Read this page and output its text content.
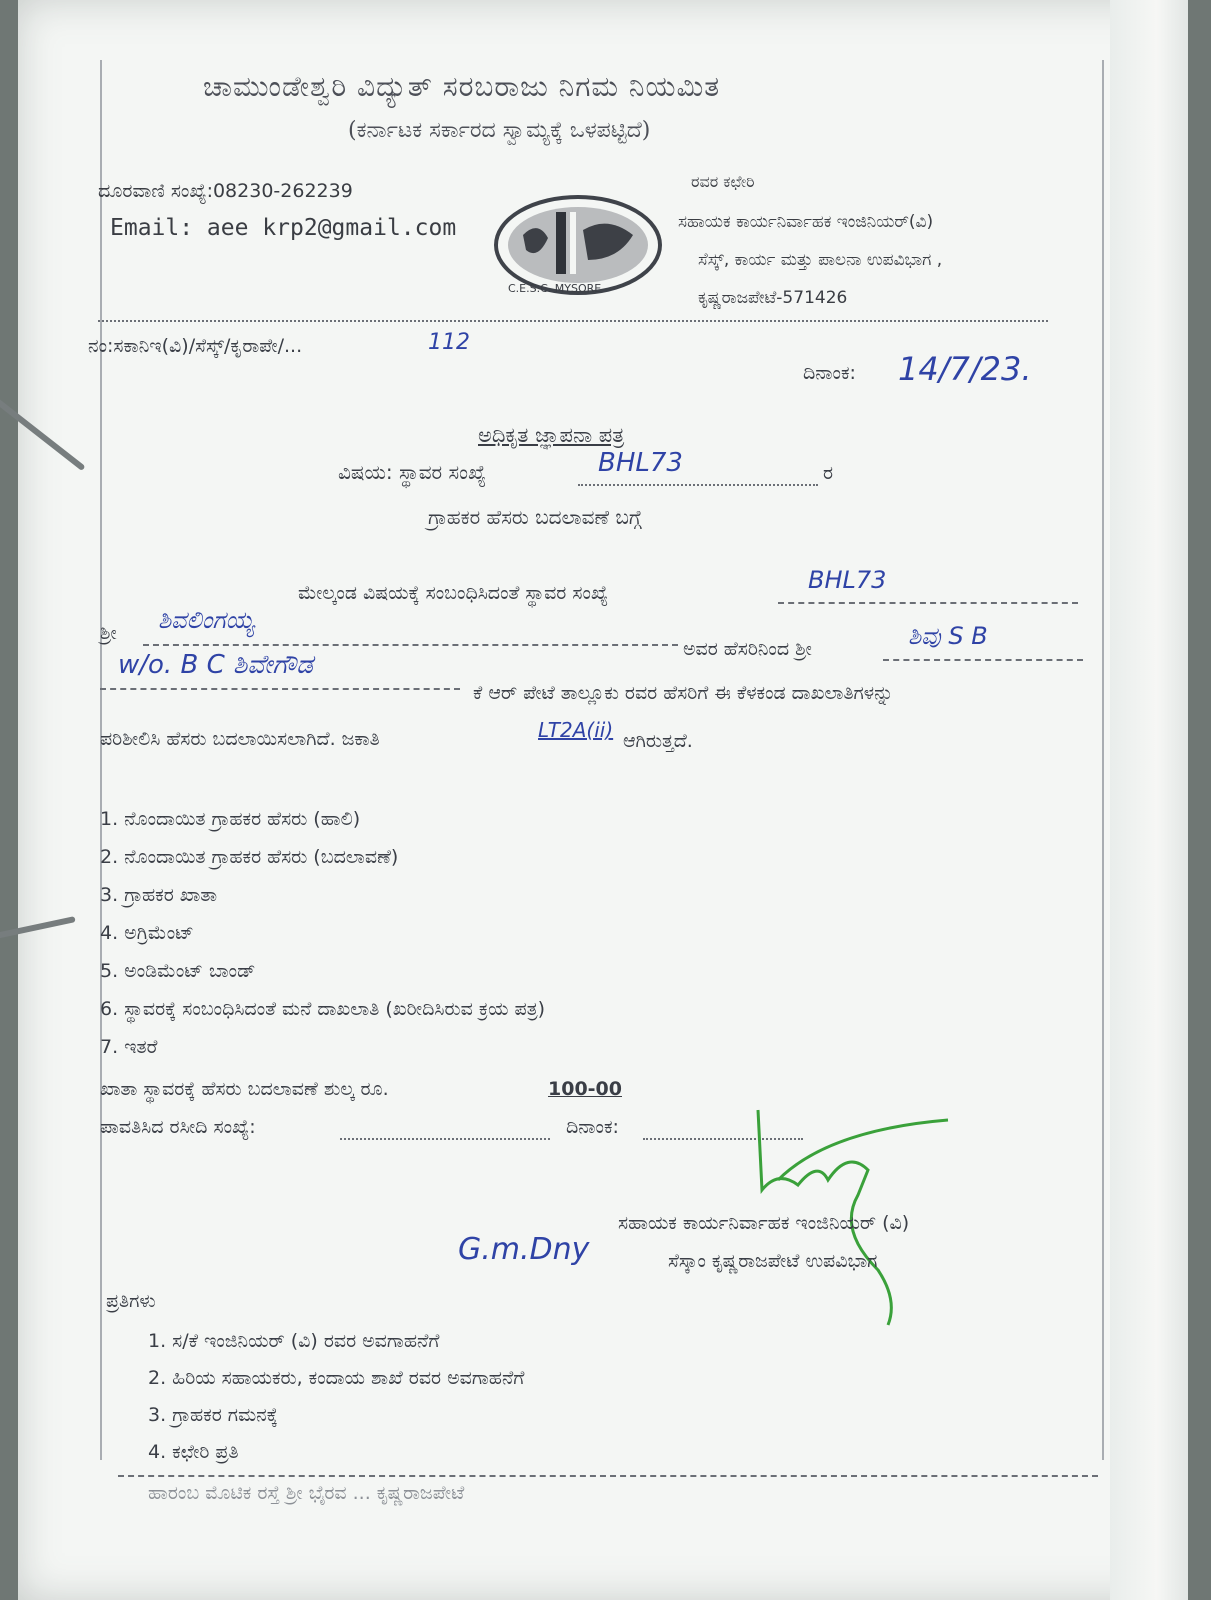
ಚಾಮುಂಡೇಶ್ವರಿ ವಿದ್ಯುತ್ ಸರಬರಾಜು ನಿಗಮ ನಿಯಮಿತ
(ಕರ್ನಾಟಕ ಸರ್ಕಾರದ ಸ್ವಾಮ್ಯಕ್ಕೆ ಒಳಪಟ್ಟಿದೆ)
ದೂರವಾಣಿ ಸಂಖ್ಯೆ:08230-262239
Email: aee krp2@gmail.com
C.E.S.C. MYSORE
ರವರ ಕಛೇರಿ
ಸಹಾಯಕ ಕಾರ್ಯನಿರ್ವಾಹಕ ಇಂಜಿನಿಯರ್(ವಿ)
ಸೆಸ್ಕ್, ಕಾರ್ಯ ಮತ್ತು ಪಾಲನಾ ಉಪವಿಭಾಗ ,
ಕೃಷ್ಣರಾಜಪೇಟೆ-571426
ನಂ:ಸಕಾನಿಇ(ವಿ)/ಸೆಸ್ಕ್/ಕೃರಾಪೇ/...	112
ದಿನಾಂಕ: 14/7/23.
ಅಧಿಕೃತ ಜ್ಞಾಪನಾ ಪತ್ರ
ವಿಷಯ: ಸ್ಥಾವರ ಸಂಖ್ಯೆ	BHL73	ರ
ಗ್ರಾಹಕರ ಹೆಸರು ಬದಲಾವಣೆ ಬಗ್ಗೆ
ಮೇಲ್ಕಂಡ ವಿಷಯಕ್ಕೆ ಸಂಬಂಧಿಸಿದಂತೆ ಸ್ಥಾವರ ಸಂಖ್ಯೆ	BHL73
ಶ್ರೀ ಶಿವಲಿಂಗಯ್ಯ
ಅವರ ಹೆಸರಿನಿಂದ ಶ್ರೀ	ಶಿವು S B
w/o. B C ಶಿವೇಗೌಡ
ಕೆ ಆರ್ ಪೇಟೆ ತಾಲ್ಲೂಕು ರವರ ಹೆಸರಿಗೆ ಈ ಕೆಳಕಂಡ ದಾಖಲಾತಿಗಳನ್ನು
ಪರಿಶೀಲಿಸಿ ಹೆಸರು ಬದಲಾಯಿಸಲಾಗಿದೆ. ಜಕಾತಿ	LT2A(ii) ಆಗಿರುತ್ತದೆ.
1. ನೊಂದಾಯಿತ ಗ್ರಾಹಕರ ಹೆಸರು (ಹಾಲಿ)
2. ನೊಂದಾಯಿತ ಗ್ರಾಹಕರ ಹೆಸರು (ಬದಲಾವಣೆ)
3. ಗ್ರಾಹಕರ ಖಾತಾ
4. ಅಗ್ರಿಮೆಂಟ್
5. ಅಂಡಿಮೆಂಟ್ ಬಾಂಡ್
6. ಸ್ಥಾವರಕ್ಕೆ ಸಂಬಂಧಿಸಿದಂತೆ ಮನೆ ದಾಖಲಾತಿ (ಖರೀದಿಸಿರುವ ಕ್ರಯ ಪತ್ರ)
7. ಇತರೆ
ಖಾತಾ ಸ್ಥಾವರಕ್ಕೆ ಹೆಸರು ಬದಲಾವಣೆ ಶುಲ್ಕ ರೂ.	100-00
ಪಾವತಿಸಿದ ರಸೀದಿ ಸಂಖ್ಯೆ:	ದಿನಾಂಕ:
ಸಹಾಯಕ ಕಾರ್ಯನಿರ್ವಾಹಕ ಇಂಜಿನಿಯರ್ (ವಿ)
ಸೆಸ್ಕಾಂ ಕೃಷ್ಣರಾಜಪೇಟೆ ಉಪವಿಭಾಗ
G.m.Dny
ಪ್ರತಿಗಳು
1. ಸ/ಕೆ ಇಂಜಿನಿಯರ್ (ವಿ) ರವರ ಅವಗಾಹನೆಗೆ
2. ಹಿರಿಯ ಸಹಾಯಕರು, ಕಂದಾಯ ಶಾಖೆ ರವರ ಅವಗಾಹನೆಗೆ
3. ಗ್ರಾಹಕರ ಗಮನಕ್ಕೆ
4. ಕಛೇರಿ ಪ್ರತಿ
ಹಾರಂಬ ಮೊಟಿಕ ರಸ್ತೆ ಶ್ರೀ ಭೈರವ ... ಕೃಷ್ಣರಾಜಪೇಟೆ
